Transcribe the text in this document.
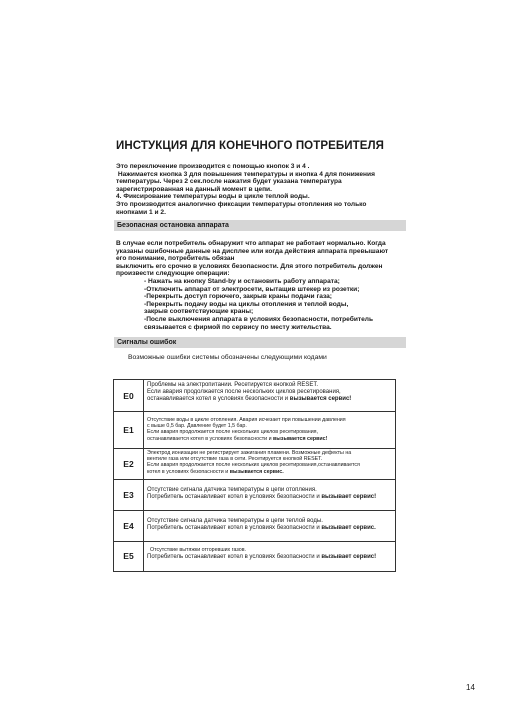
ИНСТУКЦИЯ ДЛЯ КОНЕЧНОГО ПОТРЕБИТЕЛЯ
Это переключение производится с помощью кнопок 3 и 4 .
Нажимается кнопка 3 для повышения температуры и кнопка 4 для понижения
температуры. Через 2 сек.после нажатия будет указана температура
зарегистрированная на данный момент в цепи.
4. Фиксирование температуры воды в цикле теплой воды.
Это производится аналогично фиксации температуры отопления но только
кнопками 1 и 2.
Безопасная остановка аппарата
В случае если потребитель обнаружит что аппарат не работает нормально. Когда
указаны ошибочные данные на дисплее или когда действия аппарата превышают
его понимание, потребитель обязан
выключить его срочно в условиях безопасности. Для этого потребитель должен
произвести следующие операции:
- Нажать на кнопку Stand-by и остановить работу аппарата;
-Отключить аппарат от электросети, вытащив штекер из розетки;
-Перекрыть доступ горючего, закрыв краны подачи газа;
-Перекрыть подачу воды на циклы отопления и теплой воды,
закрыв соответствующие краны;
-После выключения аппарата в условиях безопасности, потребитель
связывается с фирмой по сервису по месту жительства.
Сигналы ошибок
Возможные ошибки системы обозначены следующими кодами
E0
Проблемы на электропитании. Ресетируется кнопкой RESET.
Если авария продолжается после нескольких циклов ресетирования,
останавливается котел в условиях безопасности и вызывается сервис!
E1
Отсутствие воды в цикле отопления. Авария исчезает при повышении давления
с выше 0,5 бар. Давление будет 1,5 бар.
Если авария продолжается после нескольких циклов ресетирования,
останавливается котел в условиях безопасности и вызывается сервис!
E2
Электрод ионизации не регистрирует зажигания пламени. Возможные дефекты на
вентиле газа или отсутствие газа в сети. Ресетируется кнопкой RESET.
Если авария продолжается после нескольких циклов ресетирования,останавливается
котел в условиях безопасности и вызывается сервис.
E3	Отсутствие сигнала датчика температуры в цепи отопления.
Потребитель останавливает котел в условиях безопасности и вызывает сервис!
E4	Отсутствие сигнала датчика температуры в цепи теплой воды.
Потребитель останавливает котел в условиях безопасности и вызывает сервис.
E5
Отсутствие вытяжки отгоревших газов.
Потребитель останавливает котел в условиях безопасности и вызывает сервис!
14
